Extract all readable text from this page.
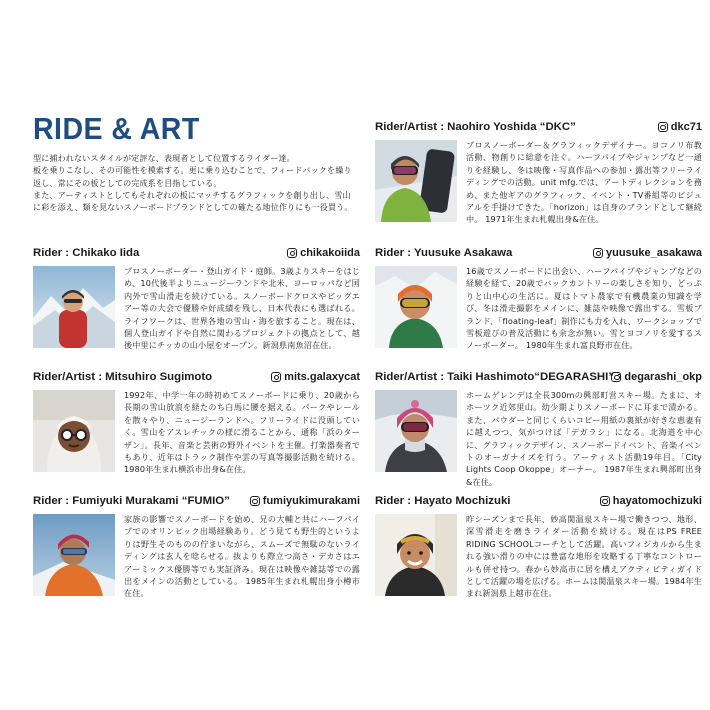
RIDE & ART

型に捕われないスタイルが定評な、表現者として位置するライダー達。
板を乗りこなし、その可能性を模索する。更に乗り込むことで、フィードバックを繰り返し、常にその板としての完成系を目指している。
また、アーティストとしてもそれぞれの板にマッチするグラフィックを創り出し、雪山に彩を添え、類を見ないスノーボードブランドとしての確たる地位作りにも一役買う。

Rider : Chikako Iida	chikakoiida

プロスノーボーダー・登山ガイド・庭師。3歳よりスキーをはじめ、10代後半よりニュージーランドや北米、ヨーロッパなど国内外で雪山滑走を続けている。スノーボードクロスやビッグエアー等の大会で優勝や好成績を残し、日本代表にも選ばれる。ライフワークは、世界各地の雪山・海を旅すること。現在は、個人登山ガイドや自然に関わるプロジェクトの拠点として、越後中里にチッカの山小屋をオープン。新潟県南魚沼在住。

Rider/Artist : Mitsuhiro Sugimoto	mits.galaxycat

1992年、中学一年の時初めてスノーボードに乗り、20歳から長期の雪山放浪を経たのち白馬に腰を据える。パークやレールを散々やり、ニュージーランドへ。フリーライドに没頭していく。雪山をアスレチックの様に滑ることから、通称「浜のターザン」。長年、音楽と芸術の野外イベントを主催。打楽器奏者でもあり、近年はトラック制作や雲の写真等撮影活動を続ける。 1980年生まれ横浜市出身&在住。

Rider : Fumiyuki Murakami “FUMIO”	fumiyukimurakami

家族の影響でスノーボードを始め、兄の大輔と共にハーフパイプでのオリンピック出場経験あり。どう見ても野生的というよりは野生そのものの佇まいながら、スムーズで無駄のないライディングは玄人を唸らせる。抜よりも際立つ高さ・デカさはエアーミックス優勝等でも実証済み。現在は映像や雑誌等での露出をメインの活動としている。 1985年生まれ札幌出身小樽市在住。

Rider/Artist : Naohiro Yoshida “DKC”	dkc71

プロスノーボーダー＆グラフィックデザイナー。ヨコノリ布教活動、物創りに総意を注ぐ。ハーフパイプやジャンプなど一通りを経験し、冬は映像・写真作品への参加・露出等フリーライディングでの活動。unit mfg.では、アートディレクションを務め、また他ギアのグラフィック、イベント・TV番組等のビジュアルを手掛けてきた。「horizon」は自身のブランドとして継続中。 1971年生まれ札幌出身&在住。

Rider : Yuusuke Asakawa	yuusuke_asakawa

16歳でスノーボードに出会い、ハーフパイプやジャンプなどの経験を経て、20歳でバックカントリーの楽しさを知り、どっぷりと山中心の生活に。夏はトマト農家で有機農業の知識を学び、冬は滑走撮影をメインに、雑誌や映像で露出する。雪板ブランド、「floating-leaf」制作にも力を入れ、ワークショップで雪板遊びの普及活動にも余念が無い。雪とヨコノリを愛するスノーボーダー。 1980年生まれ富良野市在住。

Rider/Artist : Taiki Hashimoto“DEGARASHI” degarashi_okp

ホームゲレンデは全長300mの興部町営スキー場。たまに、オホーツク近郊里山。幼少期よりスノーボードに耳まで漬かる。また、パウダーと同じくらいコピー用紙の裏紙が好きな恵妻有に越えつつ、気がつけば「デガラシ」になる。北海道を中心に、グラフィックデザイン、スノーボードイベント、音楽イベントのオーガナイズを行う。アーティスト活動19年目。「City Lights Coop Okoppe」オーナー。 1987年生まれ興部町出身&在住。

Rider : Hayato Mochizuki	hayatomochizuki

昨シーズンまで長年、妙高関温泉スキー場で働きつつ、地形、深雪滑走を磨きライダー活動を続ける。現在はPS FREE RIDING SCHOOLコーチとして活躍。高いフィジカルから生まれる強い滑りの中には豊富な地形を攻略する丁寧なコントロールも併せ持つ。春から妙高市に居を構えアクティビティガイドとして活躍の場を広げる。ホームは関温泉スキー場。1984年生まれ新潟県上越市在住。
